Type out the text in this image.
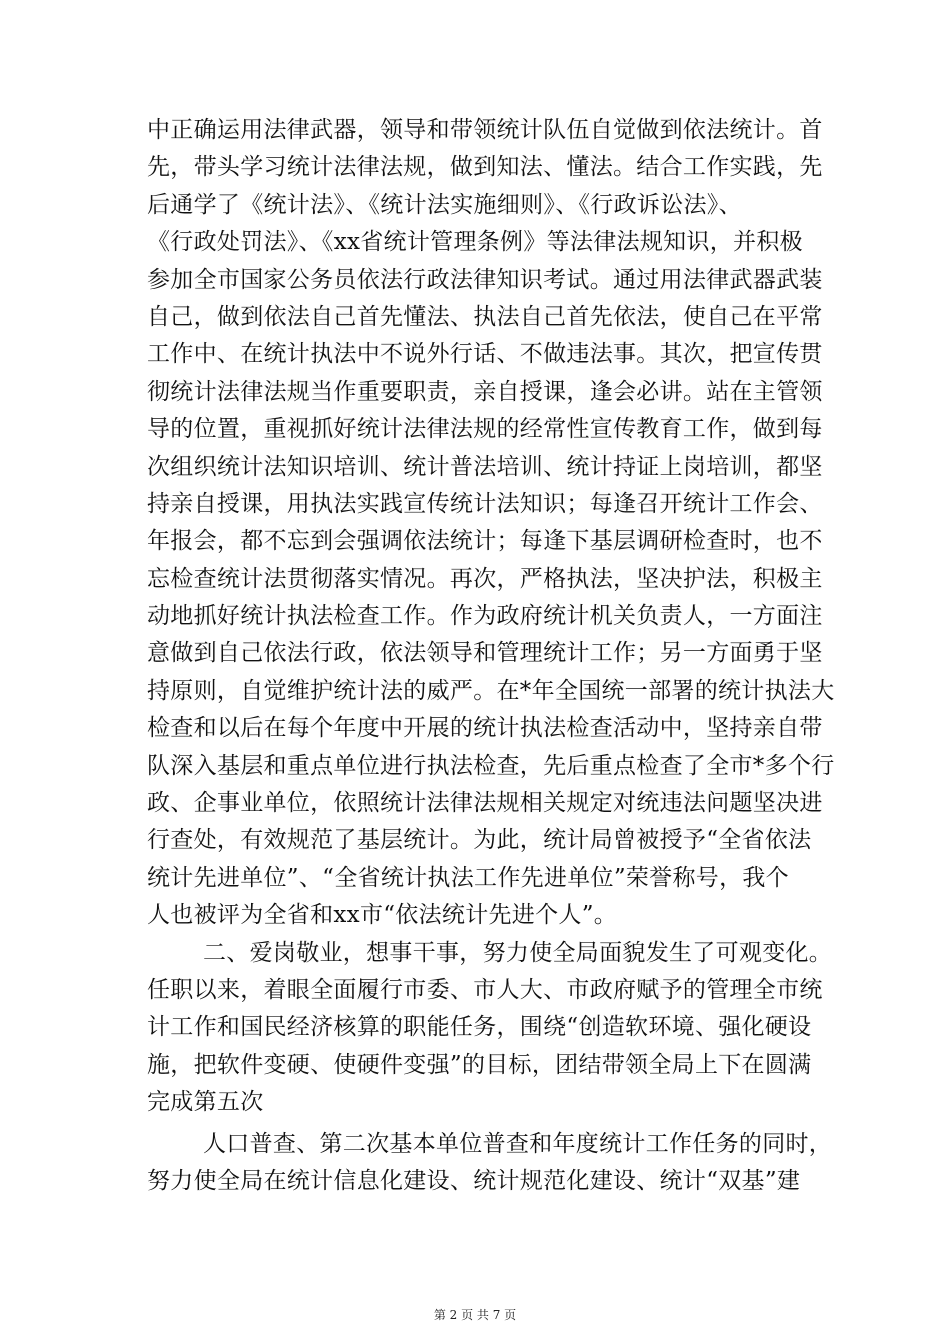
中正确运用法律武器，领导和带领统计队伍自觉做到依法统计。首
先，带头学习统计法律法规，做到知法、懂法。结合工作实践，先
后通学了《统计法》、《统计法实施细则》、《行政诉讼法》、
《行政处罚法》、《xx省统计管理条例》等法律法规知识，并积极
参加全市国家公务员依法行政法律知识考试。通过用法律武器武装
自己，做到依法自己首先懂法、执法自己首先依法，使自己在平常
工作中、在统计执法中不说外行话、不做违法事。其次，把宣传贯
彻统计法律法规当作重要职责，亲自授课，逢会必讲。站在主管领
导的位置，重视抓好统计法律法规的经常性宣传教育工作，做到每
次组织统计法知识培训、统计普法培训、统计持证上岗培训，都坚
持亲自授课，用执法实践宣传统计法知识；每逢召开统计工作会、
年报会，都不忘到会强调依法统计；每逢下基层调研检查时，也不
忘检查统计法贯彻落实情况。再次，严格执法，坚决护法，积极主
动地抓好统计执法检查工作。作为政府统计机关负责人，一方面注
意做到自己依法行政，依法领导和管理统计工作；另一方面勇于坚
持原则，自觉维护统计法的威严。在*年全国统一部署的统计执法大
检查和以后在每个年度中开展的统计执法检查活动中，坚持亲自带
队深入基层和重点单位进行执法检查，先后重点检查了全市*多个行
政、企事业单位，依照统计法律法规相关规定对统违法问题坚决进
行查处，有效规范了基层统计。为此，统计局曾被授予“全省依法
统计先进单位”、“全省统计执法工作先进单位”荣誉称号，我个
人也被评为全省和xx市“依法统计先进个人”。
二、爱岗敬业，想事干事，努力使全局面貌发生了可观变化。
任职以来，着眼全面履行市委、市人大、市政府赋予的管理全市统
计工作和国民经济核算的职能任务，围绕“创造软环境、强化硬设
施，把软件变硬、使硬件变强”的目标，团结带领全局上下在圆满
完成第五次
人口普查、第二次基本单位普查和年度统计工作任务的同时，
努力使全局在统计信息化建设、统计规范化建设、统计“双基”建
第 2 页 共 7 页
